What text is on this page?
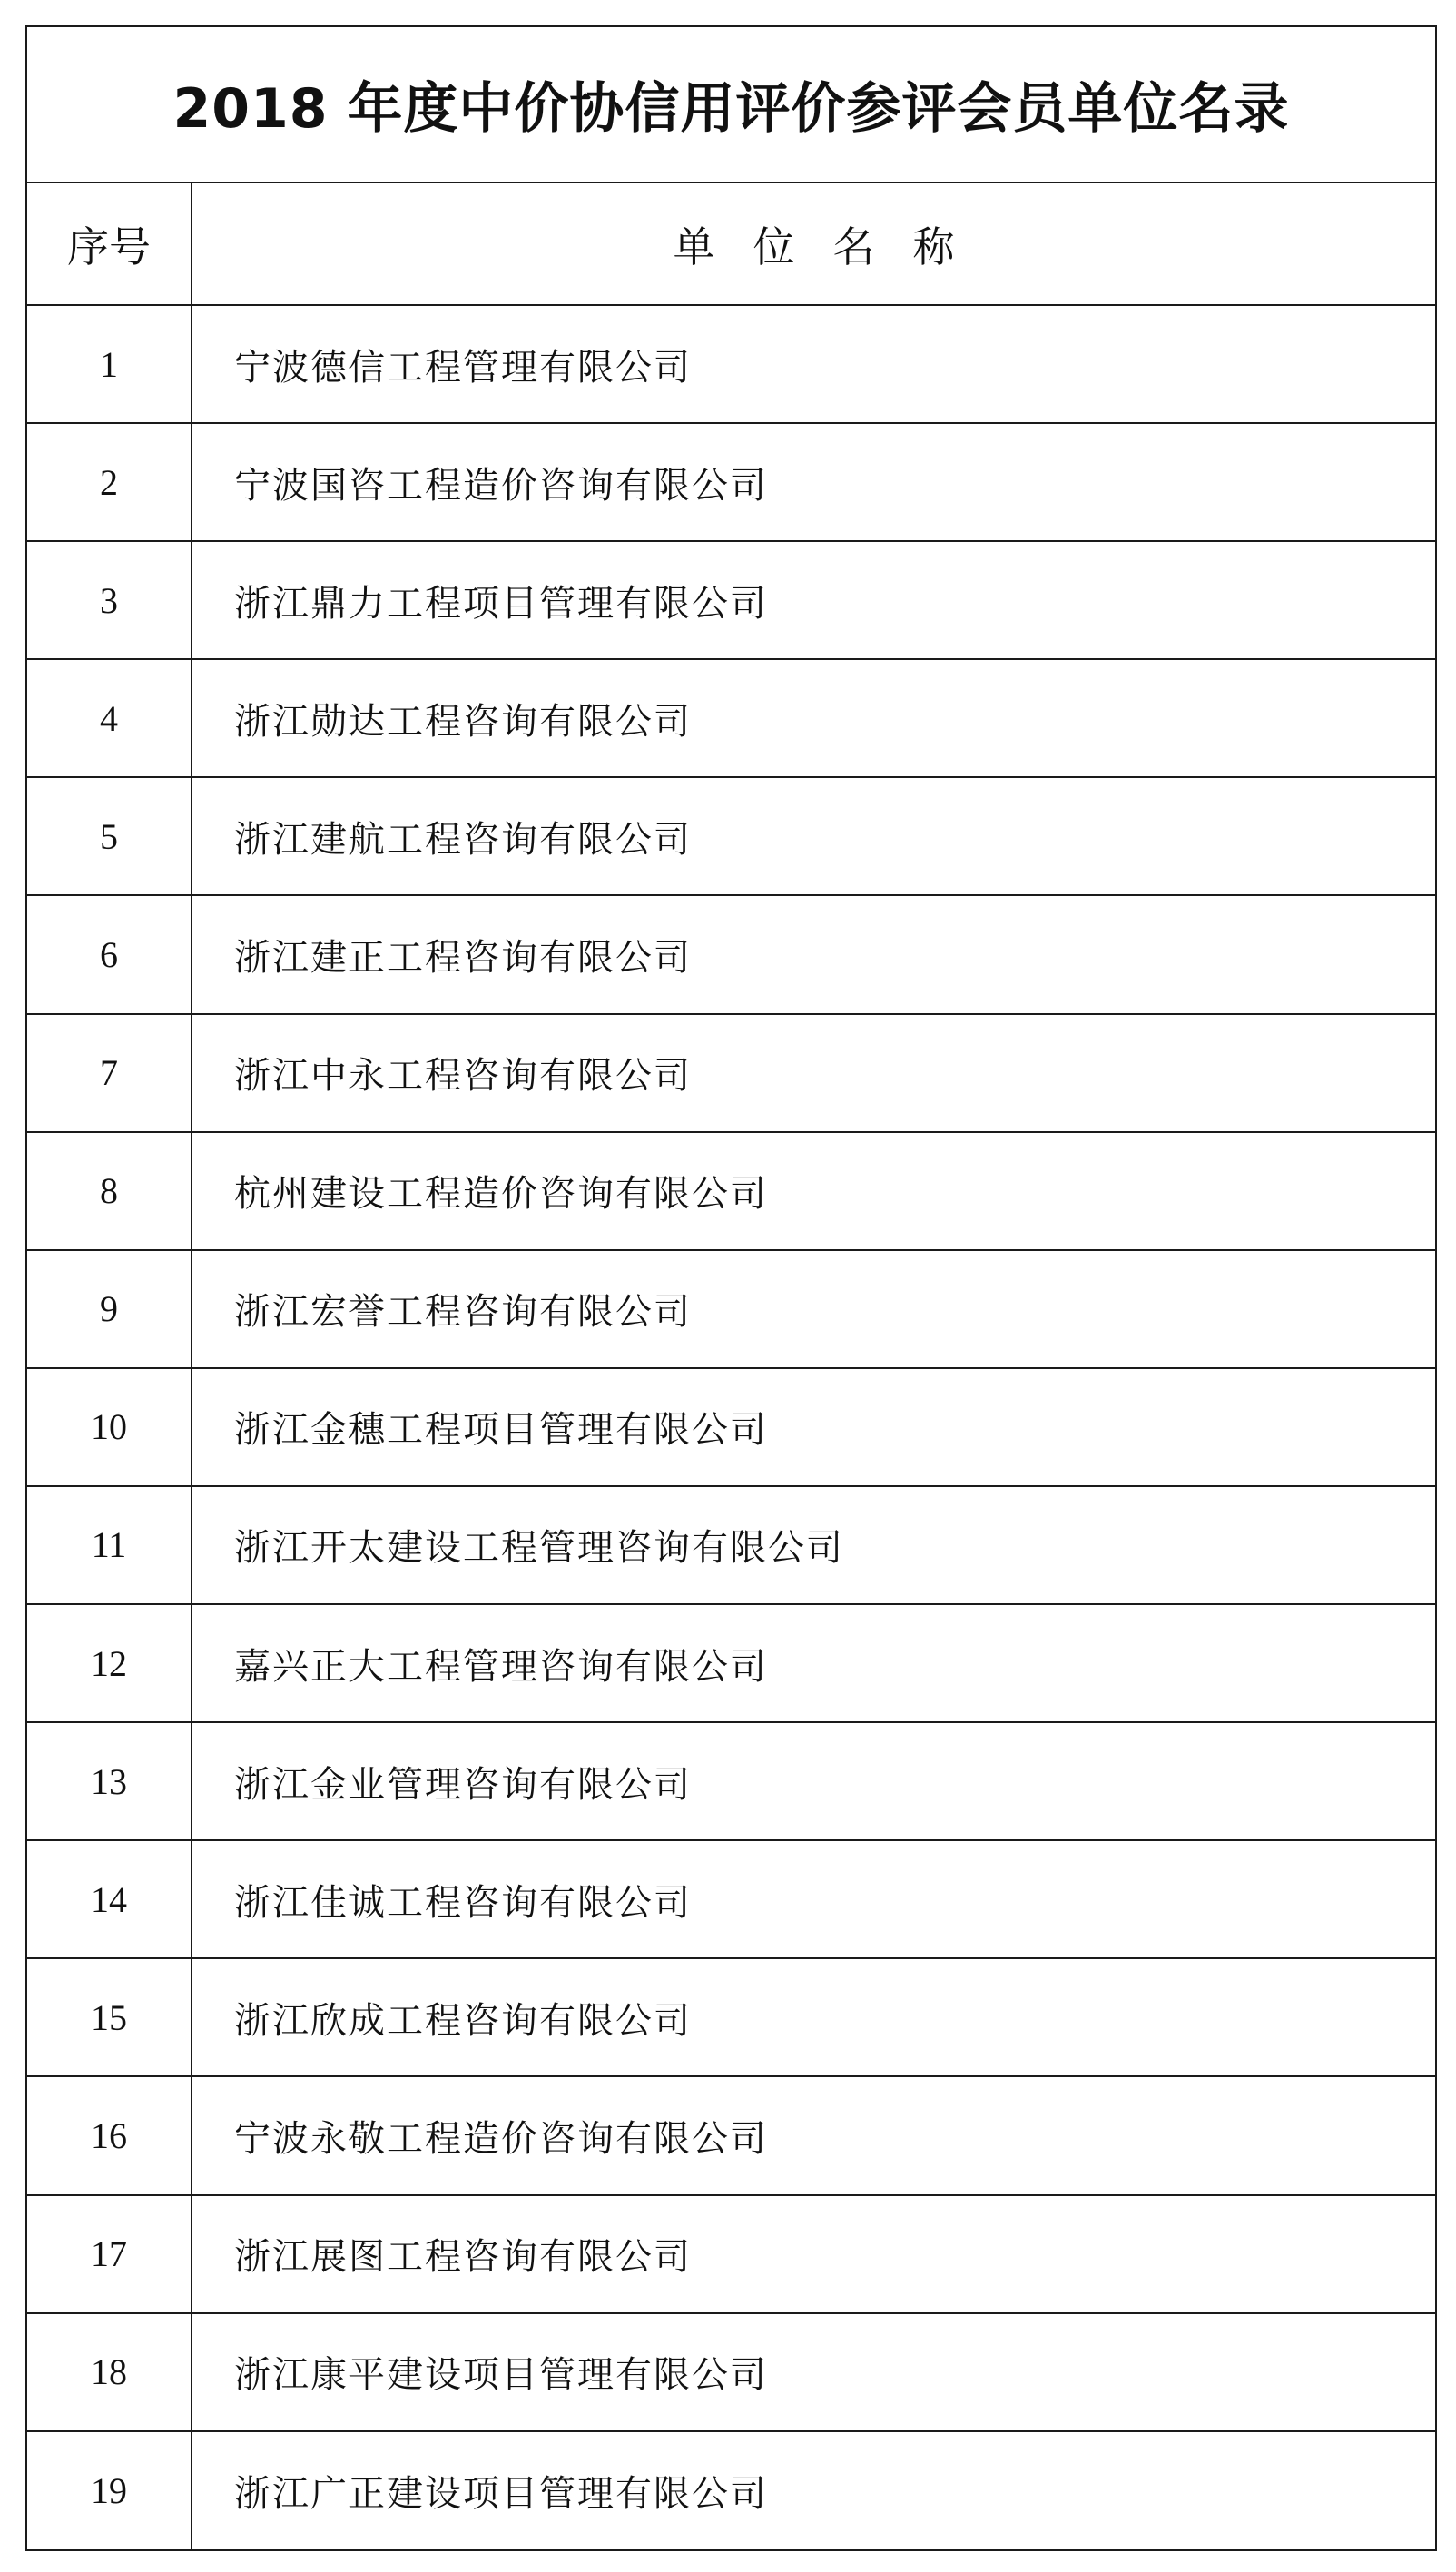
2018 年度中价协信用评价参评会员单位名录
序号	单位名称
1	宁波德信工程管理有限公司
2	宁波国咨工程造价咨询有限公司
3	浙江鼎力工程项目管理有限公司
4	浙江勋达工程咨询有限公司
5	浙江建航工程咨询有限公司
6	浙江建正工程咨询有限公司
7	浙江中永工程咨询有限公司
8	杭州建设工程造价咨询有限公司
9	浙江宏誉工程咨询有限公司
10	浙江金穗工程项目管理有限公司
11	浙江开太建设工程管理咨询有限公司
12	嘉兴正大工程管理咨询有限公司
13	浙江金业管理咨询有限公司
14	浙江佳诚工程咨询有限公司
15	浙江欣成工程咨询有限公司
16	宁波永敬工程造价咨询有限公司
17	浙江展图工程咨询有限公司
18	浙江康平建设项目管理有限公司
19	浙江广正建设项目管理有限公司
